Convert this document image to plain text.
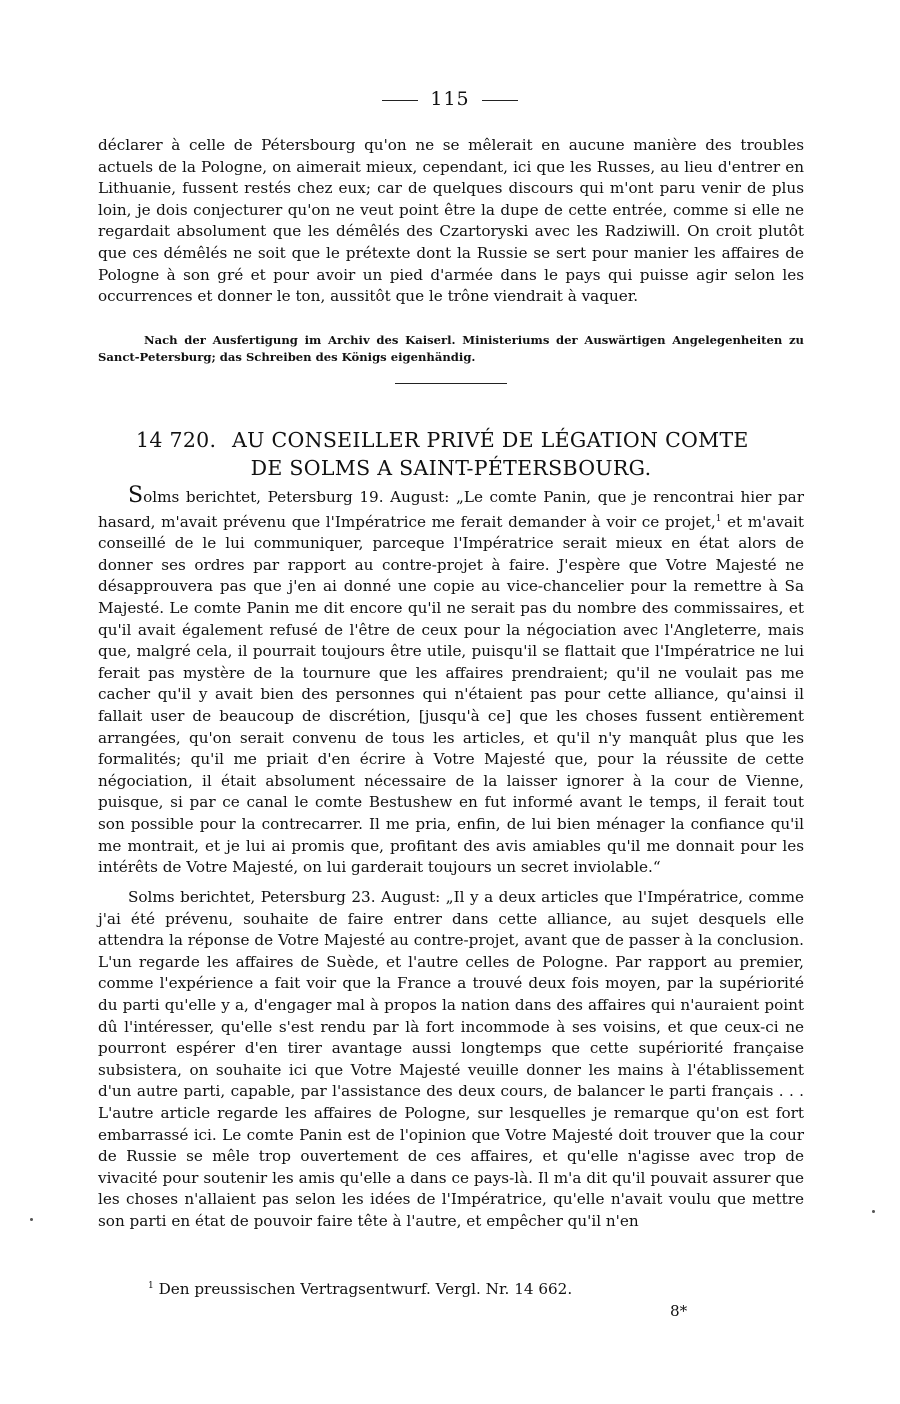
115

déclarer à celle de Pétersbourg qu'on ne se mêlerait en aucune manière des troubles actuels de la Pologne, on aimerait mieux, cependant, ici que les Russes, au lieu d'entrer en Lithuanie, fussent restés chez eux; car de quelques discours qui m'ont paru venir de plus loin, je dois conjecturer qu'on ne veut point être la dupe de cette entrée, comme si elle ne regardait absolument que les démêlés des Czartoryski avec les Radziwill. On croit plutôt que ces démêlés ne soit que le prétexte dont la Russie se sert pour manier les affaires de Pologne à son gré et pour avoir un pied d'armée dans le pays qui puisse agir selon les occurrences et donner le ton, aussitôt que le trône viendrait à vaquer.

Nach der Ausfertigung im Archiv des Kaiserl. Ministeriums der Auswärtigen Angelegenheiten zu Sanct-Petersburg; das Schreiben des Königs eigenhändig.

14 720. AU CONSEILLER PRIVÉ DE LÉGATION COMTE
DE SOLMS A SAINT-PÉTERSBOURG.

Solms berichtet, Petersburg 19. August: „Le comte Panin, que je rencontrai hier par hasard, m'avait prévenu que l'Impératrice me ferait demander à voir ce projet,$^1$ et m'avait conseillé de le lui communiquer, parceque l'Impératrice serait mieux en état alors de donner ses ordres par rapport au contre-projet à faire. J'espère que Votre Majesté ne désapprouvera pas que j'en ai donné une copie au vice-chancelier pour la remettre à Sa Majesté. Le comte Panin me dit encore qu'il ne serait pas du nombre des commissaires, et qu'il avait également refusé de l'être de ceux pour la négociation avec l'Angleterre, mais que, malgré cela, il pourrait toujours être utile, puisqu'il se flattait que l'Impératrice ne lui ferait pas mystère de la tournure que les affaires prendraient; qu'il ne voulait pas me cacher qu'il y avait bien des personnes qui n'étaient pas pour cette alliance, qu'ainsi il fallait user de beaucoup de discrétion, [jusqu'à ce] que les choses fussent entièrement arrangées, qu'on serait convenu de tous les articles, et qu'il n'y manquât plus que les formalités; qu'il me priait d'en écrire à Votre Majesté que, pour la réussite de cette négociation, il était absolument nécessaire de la laisser ignorer à la cour de Vienne, puisque, si par ce canal le comte Bestushew en fut informé avant le temps, il ferait tout son possible pour la contrecarrer. Il me pria, enfin, de lui bien ménager la confiance qu'il me montrait, et je lui ai promis que, profitant des avis amiables qu'il me donnait pour les intérêts de Votre Majesté, on lui garderait toujours un secret inviolable.“

Solms berichtet, Petersburg 23. August: „Il y a deux articles que l'Impératrice, comme j'ai été prévenu, souhaite de faire entrer dans cette alliance, au sujet desquels elle attendra la réponse de Votre Majesté au contre-projet, avant que de passer à la conclusion. L'un regarde les affaires de Suède, et l'autre celles de Pologne. Par rapport au premier, comme l'expérience a fait voir que la France a trouvé deux fois moyen, par la supériorité du parti qu'elle y a, d'engager mal à propos la nation dans des affaires qui n'auraient point dû l'intéresser, qu'elle s'est rendu par là fort incommode à ses voisins, et que ceux-ci ne pourront espérer d'en tirer avantage aussi longtemps que cette supériorité française subsistera, on souhaite ici que Votre Majesté veuille donner les mains à l'établissement d'un autre parti, capable, par l'assistance des deux cours, de balancer le parti français . . . L'autre article regarde les affaires de Pologne, sur lesquelles je remarque qu'on est fort embarrassé ici. Le comte Panin est de l'opinion que Votre Majesté doit trouver que la cour de Russie se mêle trop ouvertement de ces affaires, et qu'elle n'agisse avec trop de vivacité pour soutenir les amis qu'elle a dans ce pays-là. Il m'a dit qu'il pouvait assurer que les choses n'allaient pas selon les idées de l'Impératrice, qu'elle n'avait voulu que mettre son parti en état de pouvoir faire tête à l'autre, et empêcher qu'il n'en

$^1$ Den preussischen Vertragsentwurf. Vergl. Nr. 14 662.

8*
